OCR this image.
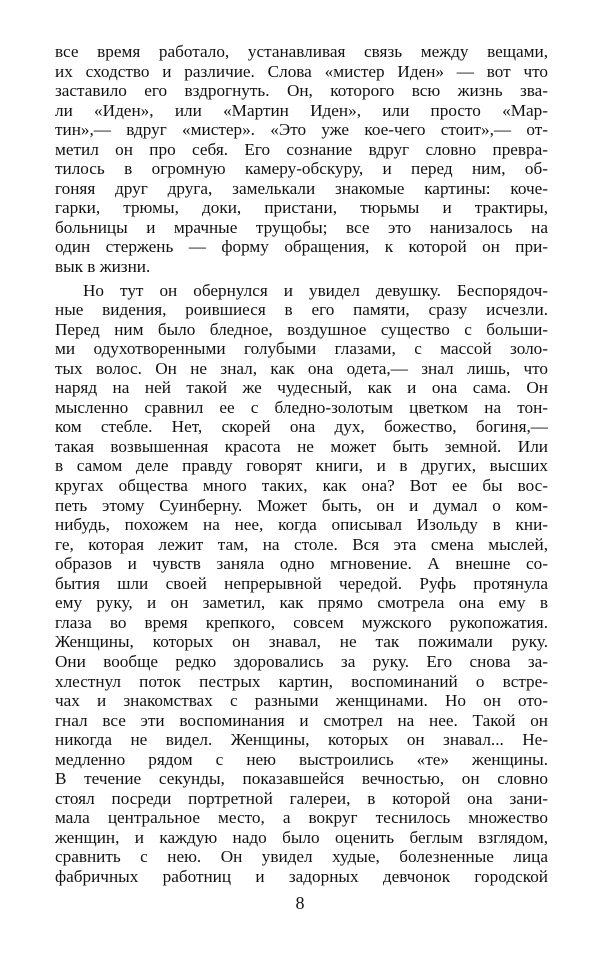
все время работало, устанавливая связь между вещами,
их сходство и различие. Слова «мистер Иден» — вот что
заставило его вздрогнуть. Он, которого всю жизнь зва-
ли «Иден», или «Мартин Иден», или просто «Мар-
тин»,— вдруг «мистер». «Это уже кое-чего стоит»,— от-
метил он про себя. Его сознание вдруг словно превра-
тилось в огромную камеру-обскуру, и перед ним, об-
гоняя друг друга, замелькали знакомые картины: коче-
гарки, трюмы, доки, пристани, тюрьмы и трактиры,
больницы и мрачные трущобы; все это нанизалось на
один стержень — форму обращения, к которой он при-
вык в жизни.
Но тут он обернулся и увидел девушку. Беспорядоч-
ные видения, роившиеся в его памяти, сразу исчезли.
Перед ним было бледное, воздушное существо с больши-
ми одухотворенными голубыми глазами, с массой золо-
тых волос. Он не знал, как она одета,— знал лишь, что
наряд на ней такой же чудесный, как и она сама. Он
мысленно сравнил ее с бледно-золотым цветком на тон-
ком стебле. Нет, скорей она дух, божество, богиня,—
такая возвышенная красота не может быть земной. Или
в самом деле правду говорят книги, и в других, высших
кругах общества много таких, как она? Вот ее бы вос-
петь этому Суинберну. Может быть, он и думал о ком-
нибудь, похожем на нее, когда описывал Изольду в кни-
ге, которая лежит там, на столе. Вся эта смена мыслей,
образов и чувств заняла одно мгновение. А внешне со-
бытия шли своей непрерывной чередой. Руфь протянула
ему руку, и он заметил, как прямо смотрела она ему в
глаза во время крепкого, совсем мужского рукопожатия.
Женщины, которых он знавал, не так пожимали руку.
Они вообще редко здоровались за руку. Его снова за-
хлестнул поток пестрых картин, воспоминаний о встре-
чах и знакомствах с разными женщинами. Но он ото-
гнал все эти воспоминания и смотрел на нее. Такой он
никогда не видел. Женщины, которых он знавал... Не-
медленно рядом с нею выстроились «те» женщины.
В течение секунды, показавшейся вечностью, он словно
стоял посреди портретной галереи, в которой она зани-
мала центральное место, а вокруг теснилось множество
женщин, и каждую надо было оценить беглым взглядом,
сравнить с нею. Он увидел худые, болезненные лица
фабричных работниц и задорных девчонок городской
8
